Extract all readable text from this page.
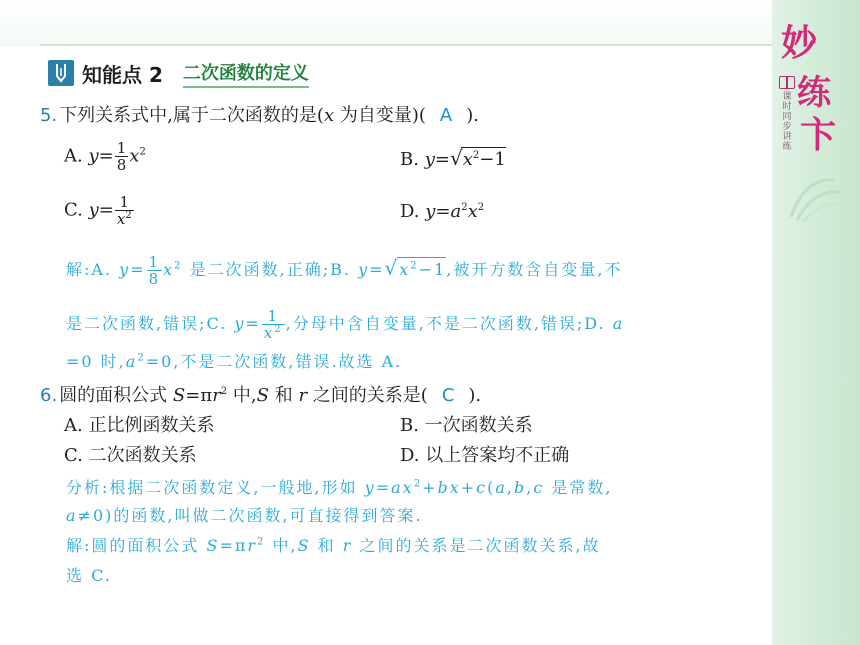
妙
练
卞
课时同步讲练
知能点 2 二次函数的定义
5. 下列关系式中,属于二次函数的是(x 为自变量)( A ).
A. $y= \frac{1}{8} x^2$	B. $y=√x^2-1$
C. $y= \frac{1}{x^2}$	D. $y=a^2x^2$
解:A. $y= \frac{1}{8} x^2$ 是二次函数,正确;B. $y=√x^2-1$,被开方数含自变量,不
是二次函数,错误;C. $y= \frac{1}{x^2}$ ,分母中含自变量,不是二次函数,错误;D. a
=0 时$,a^2=0$,不是二次函数,错误.故选 A.
6. 圆的面积公式 $S=\pi r^2$ 中,S 和 r 之间的关系是( C ).
A. 正比例函数关系	B. 一次函数关系
C. 二次函数关系	D. 以上答案均不正确
分析:根据二次函数定义,一般地,形如 $y=ax^2+bx+c(a,b,c$ 是常数,
a≠0)的函数,叫做二次函数,可直接得到答案.
解:圆的面积公式 $S=\pi r^2$ 中,S 和 r 之间的关系是二次函数关系,故
选 C.
